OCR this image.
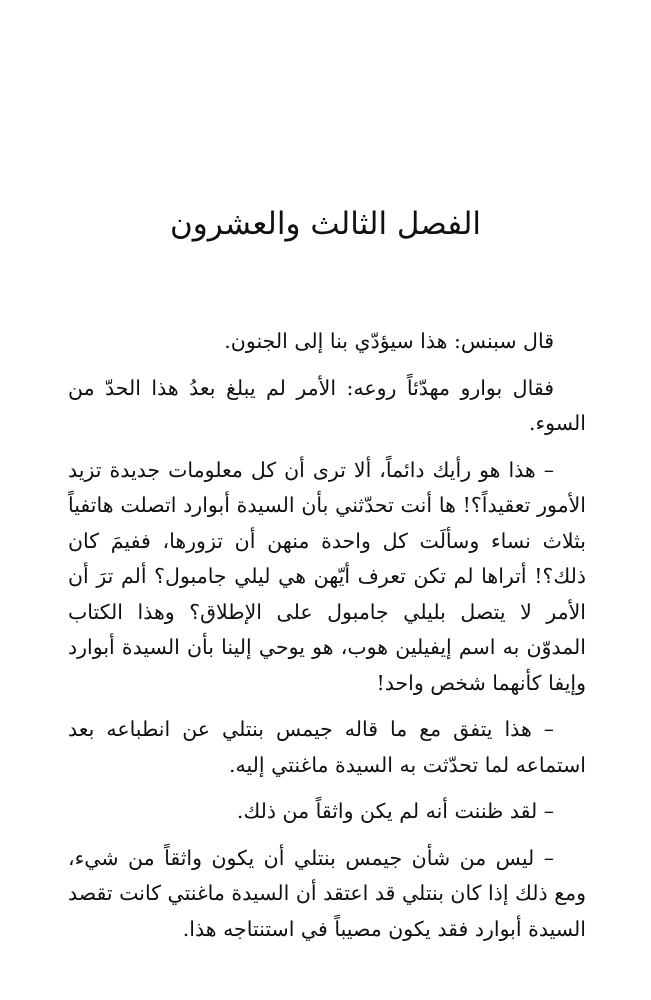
الفصل الثالث والعشرون

قال سبنس: هذا سيؤدّي بنا إلى الجنون.

فقال بوارو مهدّئاً روعه: الأمر لم يبلغ بعدُ هذا الحدّ من السوء.

– هذا هو رأيك دائماً، ألا ترى أن كل معلومات جديدة تزيد الأمور تعقيداً؟! ها أنت تحدّثني بأن السيدة أبوارد اتصلت هاتفياً بثلاث نساء وسألَت كل واحدة منهن أن تزورها، ففيمَ كان ذلك؟! أتراها لم تكن تعرف أيّهن هي ليلي جامبول؟ ألم ترَ أن الأمر لا يتصل بليلي جامبول على الإطلاق؟ وهذا الكتاب المدوّن به اسم إيفيلين هوب، هو يوحي إلينا بأن السيدة أبوارد وإيفا كأنهما شخص واحد!

– هذا يتفق مع ما قاله جيمس بنتلي عن انطباعه بعد استماعه لما تحدّثت به السيدة ماغنتي إليه.

– لقد ظننت أنه لم يكن واثقاً من ذلك.

– ليس من شأن جيمس بنتلي أن يكون واثقاً من شيء، ومع ذلك إذا كان بنتلي قد اعتقد أن السيدة ماغنتي كانت تقصد السيدة أبوارد فقد يكون مصيباً في استنتاجه هذا.
